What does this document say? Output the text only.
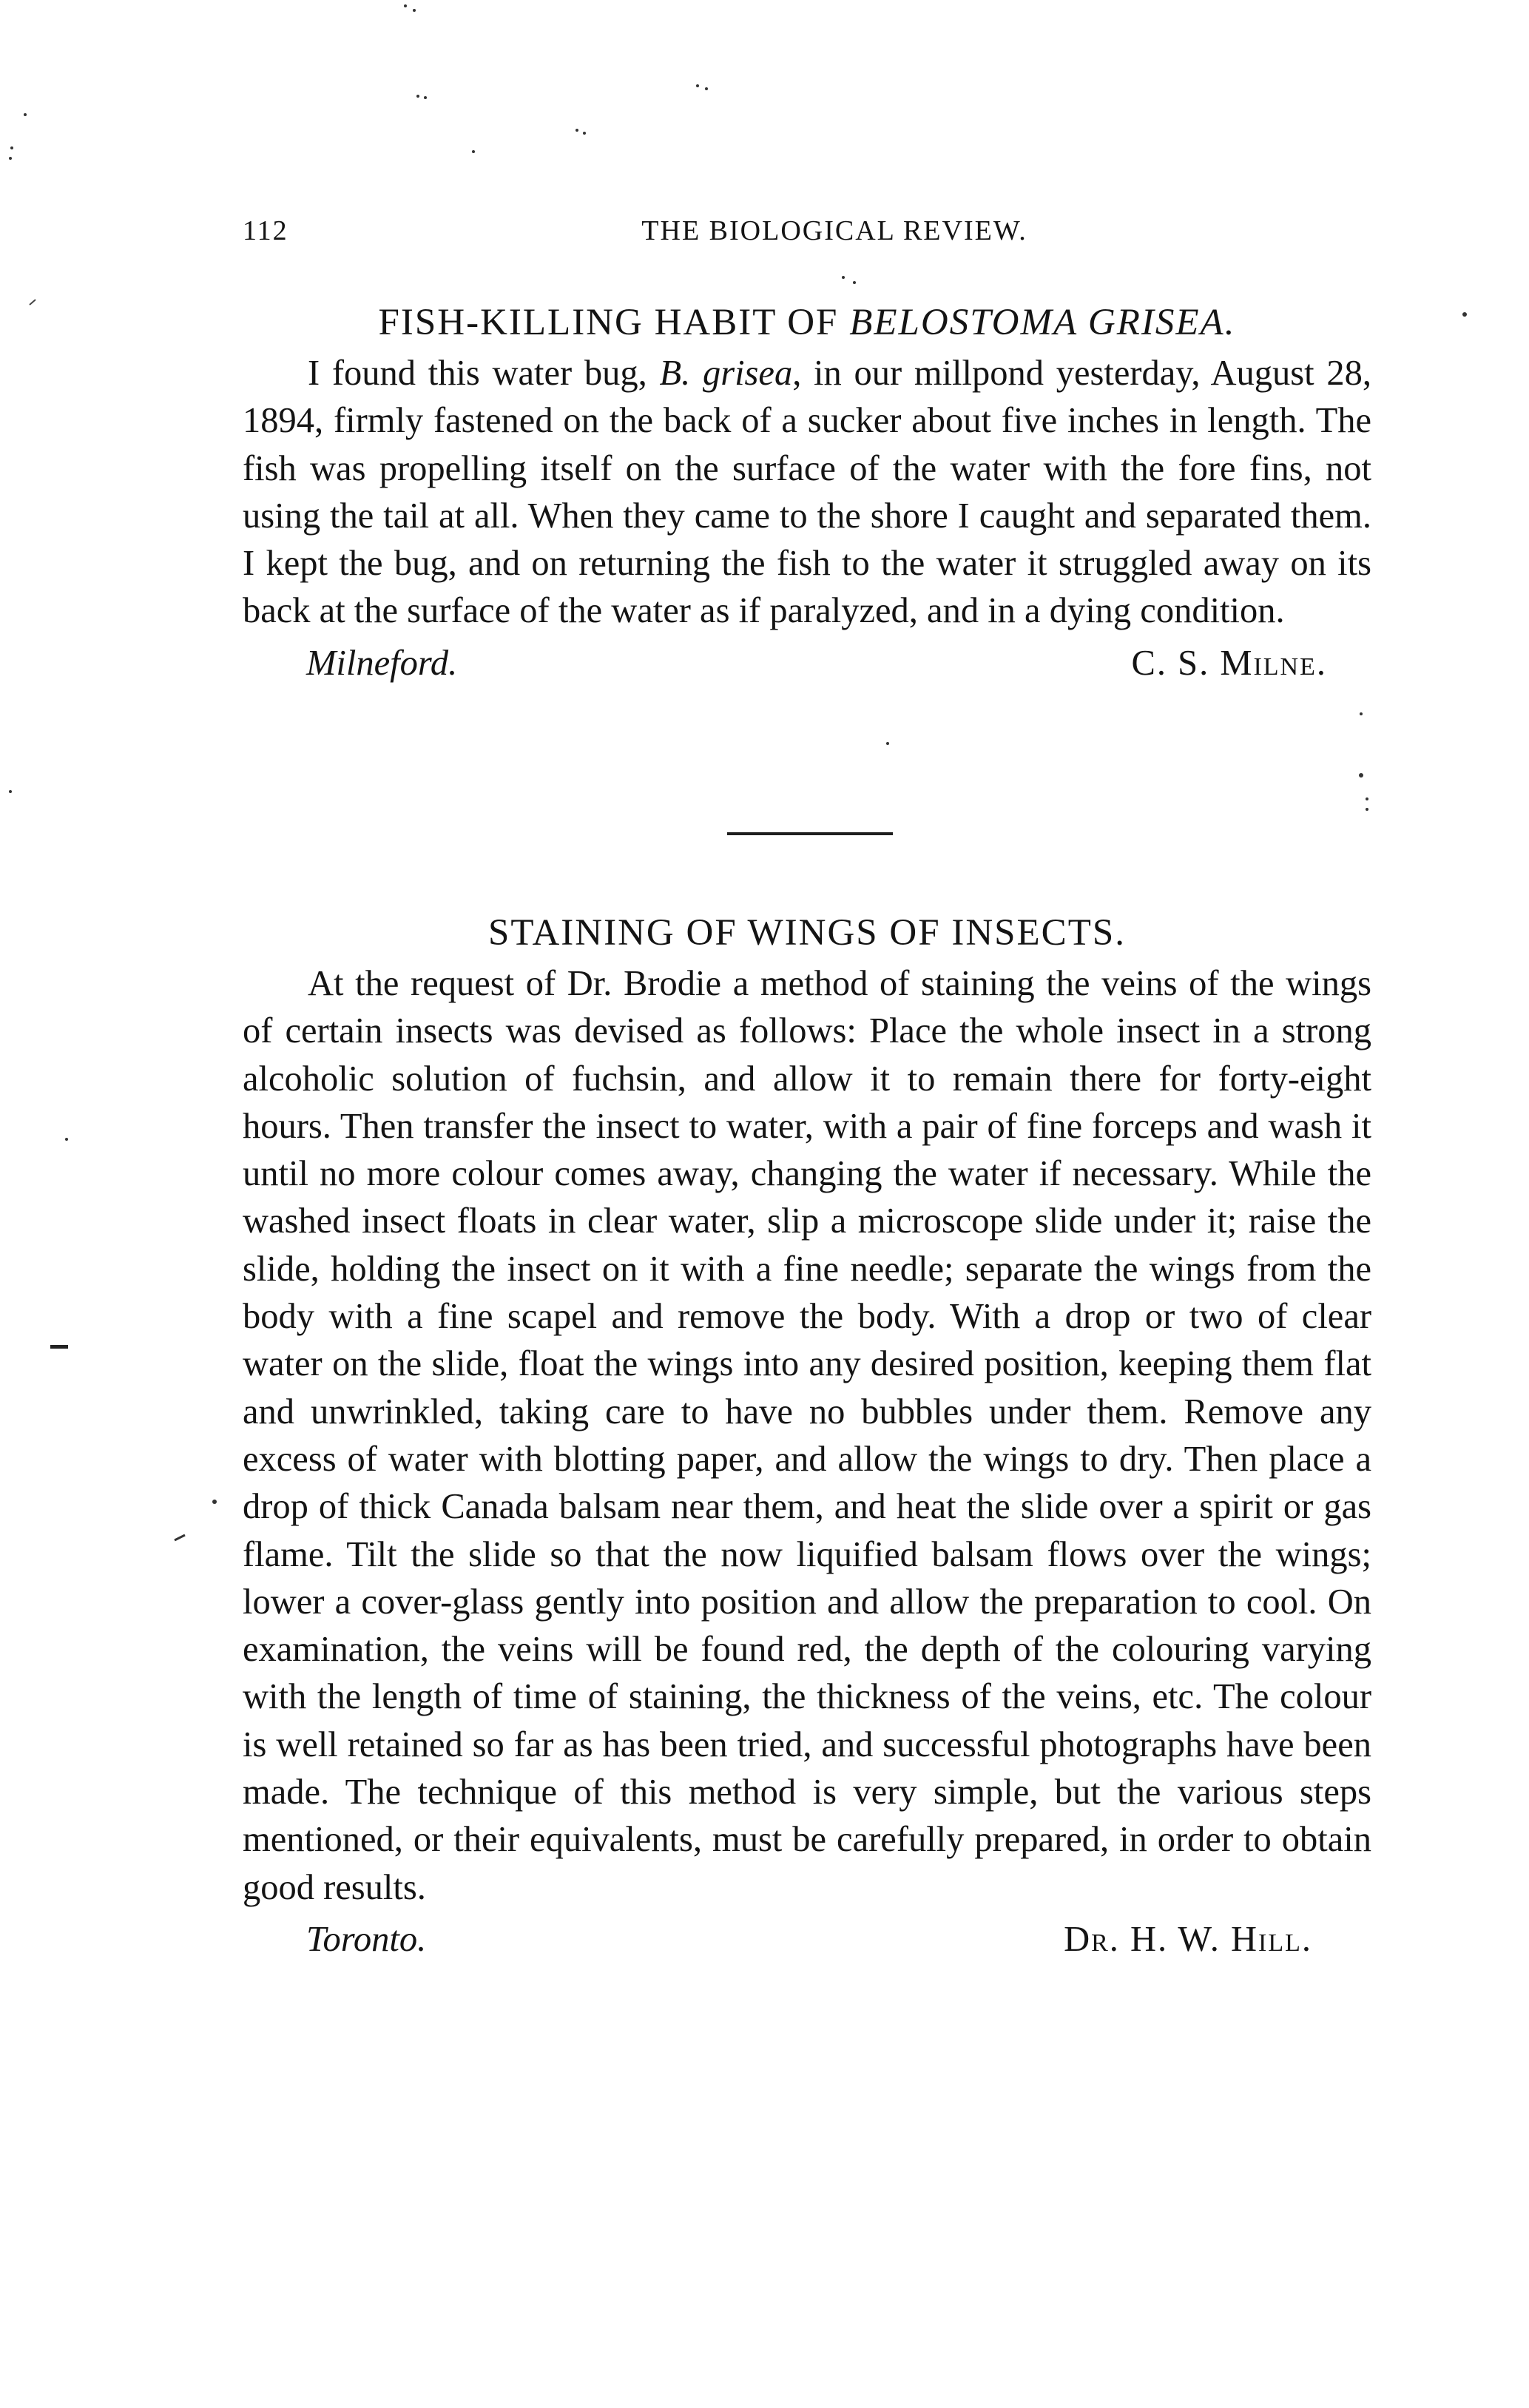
112	THE BIOLOGICAL REVIEW.
FISH-KILLING HABIT OF BELOSTOMA GRISEA.

I found this water bug, B. grisea, in our millpond yesterday, August 28, 1894, firmly fastened on the back of a sucker about five inches in length. The fish was propelling itself on the surface of the water with the fore fins, not using the tail at all. When they came to the shore I caught and separated them. I kept the bug, and on returning the fish to the water it struggled away on its back at the surface of the water as if paralyzed, and in a dying condition.

Milneford.	C. S. Milne.
STAINING OF WINGS OF INSECTS.

At the request of Dr. Brodie a method of staining the veins of the wings of certain insects was devised as follows: Place the whole insect in a strong alcoholic solution of fuchsin, and allow it to remain there for forty-eight hours. Then transfer the insect to water, with a pair of fine forceps and wash it until no more colour comes away, changing the water if necessary. While the washed insect floats in clear water, slip a microscope slide under it; raise the slide, holding the insect on it with a fine needle; separate the wings from the body with a fine scapel and remove the body. With a drop or two of clear water on the slide, float the wings into any desired position, keeping them flat and unwrinkled, taking care to have no bubbles under them. Remove any excess of water with blotting paper, and allow the wings to dry. Then place a drop of thick Canada balsam near them, and heat the slide over a spirit or gas flame. Tilt the slide so that the now liquified balsam flows over the wings; lower a cover-glass gently into position and allow the preparation to cool. On examination, the veins will be found red, the depth of the colouring varying with the length of time of staining, the thickness of the veins, etc. The colour is well retained so far as has been tried, and successful photographs have been made. The technique of this method is very simple, but the various steps mentioned, or their equivalents, must be carefully prepared, in order to obtain good results.

Toronto.	Dr. H. W. Hill.
